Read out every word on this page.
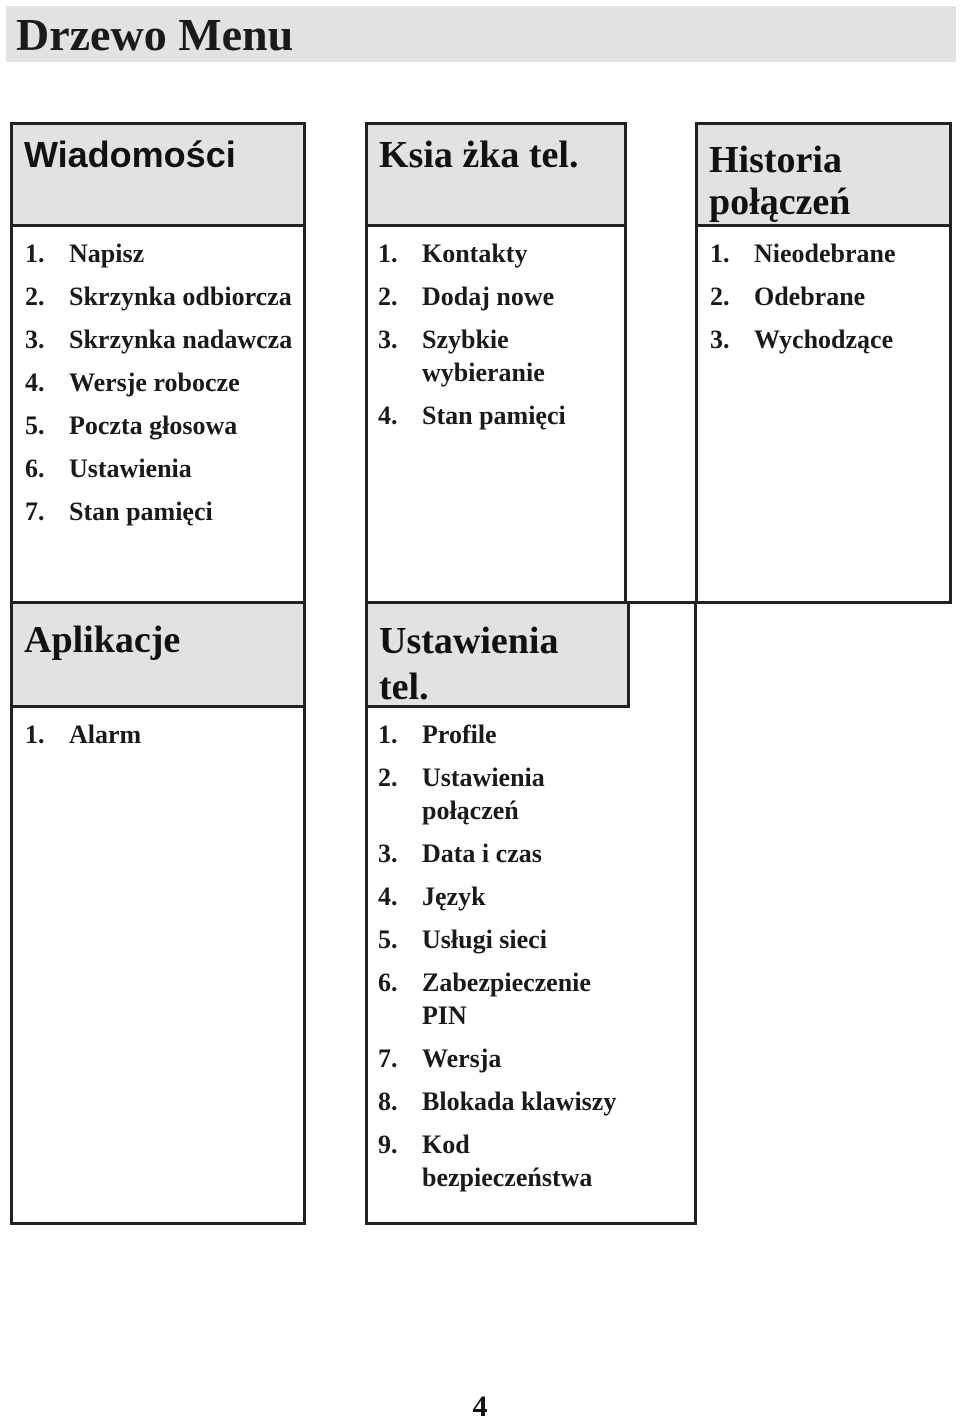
Drzewo Menu
Wiadomości
1. Napisz
2. Skrzynka odbiorcza
3. Skrzynka nadawcza
4. Wersje robocze
5. Poczta głosowa
6. Ustawienia
7. Stan pamięci
Ksia żka tel.
1. Kontakty
2. Dodaj nowe
3. Szybkie wybieranie
4. Stan pamięci
Historia połączeń
1. Nieodebrane
2. Odebrane
3. Wychodzące
Aplikacje
1. Alarm
Ustawienia tel.
1. Profile
2. Ustawienia połączeń
3. Data i czas
4. Język
5. Usługi sieci
6. Zabezpieczenie PIN
7. Wersja
8. Blokada klawiszy
9. Kod bezpieczeństwa
4
